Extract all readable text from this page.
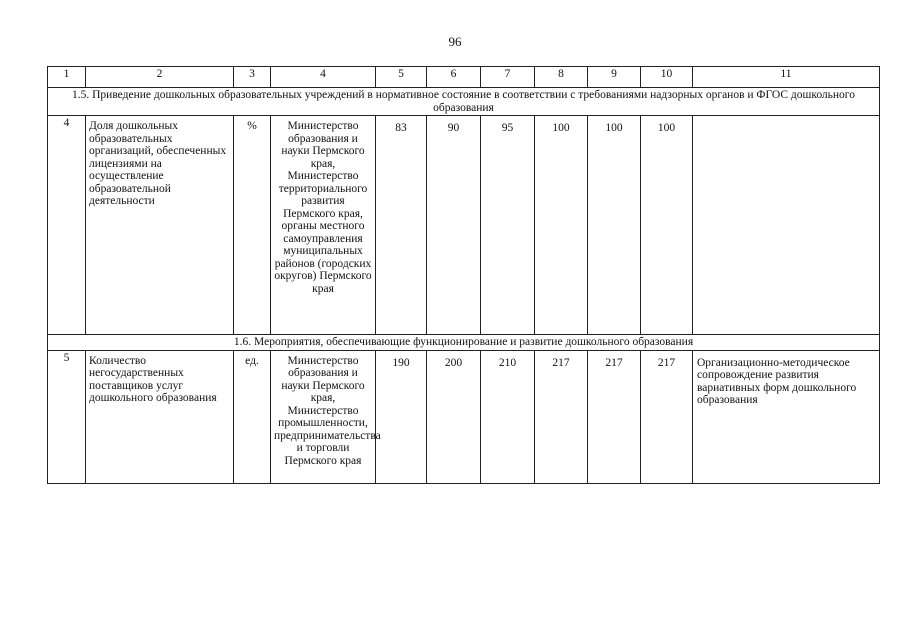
96
1	2	3	4	5	6	7	8	9	10	11
1.5. Приведение дошкольных образовательных учреждений в нормативное состояние в соответствии с требованиями надзорных органов и ФГОС дошкольного образования										
4	Доля дошкольных образовательных организаций, обеспеченных лицензиями на осуществление образовательной деятельности	%	Министерство образования и науки Пермского края, Министерство территориального развития Пермского края, органы местного самоуправления муниципальных районов (городских округов) Пермского края	83	90	95	100	100	100	
1.6. Мероприятия, обеспечивающие функционирование и развитие дошкольного образования										
5	Количество негосударственных поставщиков услуг дошкольного образования	ед.	Министерство образования и науки Пермского края, Министерство промышленности, предпринимательства и торговли Пермского края	190	200	210	217	217	217	Организационно-методическое сопровождение развития вариативных форм дошкольного образования
